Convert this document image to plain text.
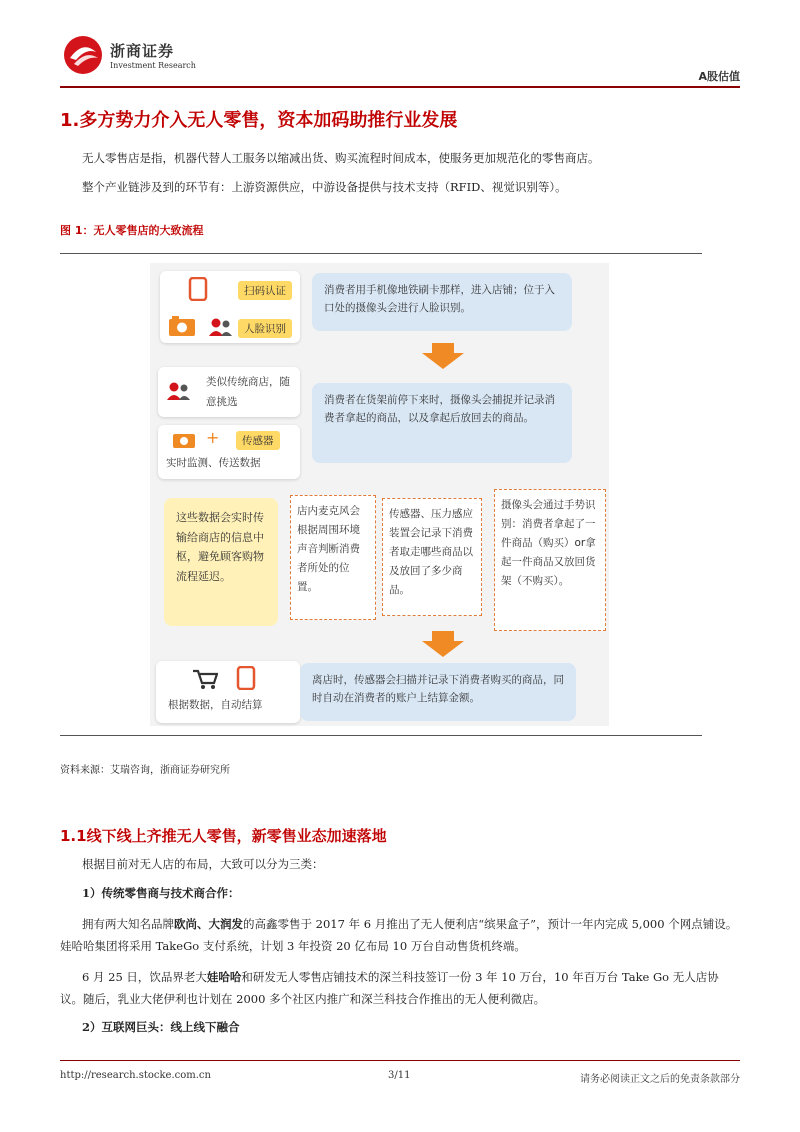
浙商证券
Investment Research
A股估值
1.多方势力介入无人零售，资本加码助推行业发展
无人零售店是指，机器代替人工服务以缩减出货、购买流程时间成本，使服务更加规范化的零售商店。
整个产业链涉及到的环节有：上游资源供应，中游设备提供与技术支持（RFID、视觉识别等）。
图 1：无人零售店的大致流程
扫码认证
人脸识别
消费者用手机像地铁刷卡那样，进入店铺；位于入口处的摄像头会进行人脸识别。
类似传统商店，随意挑选
+	传感器
实时监测、传送数据
消费者在货架前停下来时，摄像头会捕捉并记录消费者拿起的商品，以及拿起后放回去的商品。
这些数据会实时传输给商店的信息中枢，避免顾客购物流程延迟。
店内麦克风会根据周围环境声音判断消费者所处的位置。
传感器、压力感应装置会记录下消费者取走哪些商品以及放回了多少商品。
摄像头会通过手势识别：消费者拿起了一件商品（购买）or拿起一件商品又放回货架（不购买）。
根据数据，自动结算
离店时，传感器会扫描并记录下消费者购买的商品，同时自动在消费者的账户上结算金额。
资料来源：艾瑞咨询，浙商证券研究所
1.1线下线上齐推无人零售，新零售业态加速落地
根据目前对无人店的布局，大致可以分为三类：
1）传统零售商与技术商合作：
拥有两大知名品牌欧尚、大润发的高鑫零售于 2017 年 6 月推出了无人便利店“缤果盒子”，预计一年内完成 5,000 个网点铺设。娃哈哈集团将采用 TakeGo 支付系统，计划 3 年投资 20 亿布局 10 万台自动售货机终端。
6 月 25 日，饮品界老大娃哈哈和研发无人零售店铺技术的深兰科技签订一份 3 年 10 万台，10 年百万台 Take Go 无人店协议。随后，乳业大佬伊利也计划在 2000 多个社区内推广和深兰科技合作推出的无人便利微店。
2）互联网巨头：线上线下融合
http://research.stocke.com.cn	3/11	请务必阅读正文之后的免责条款部分
